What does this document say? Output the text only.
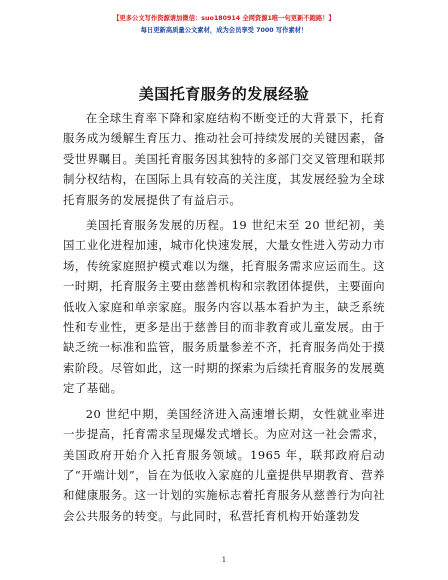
【更多公文写作资源请加微信：suo180914 全网资源1唯一句更新不跑路！】
每日更新高质量公文素材，成为会员享受 7000 写作素材！
美国托育服务的发展经验

在全球生育率下降和家庭结构不断变迁的大背景下，托育服务成为缓解生育压力、推动社会可持续发展的关键因素，备受世界瞩目。美国托育服务因其独特的多部门交叉管理和联邦制分权结构，在国际上具有较高的关注度，其发展经验为全球托育服务的发展提供了有益启示。

美国托育服务发展的历程。19 世纪末至 20 世纪初，美国工业化进程加速，城市化快速发展，大量女性进入劳动力市场，传统家庭照护模式难以为继，托育服务需求应运而生。这一时期，托育服务主要由慈善机构和宗教团体提供，主要面向低收入家庭和单亲家庭。服务内容以基本看护为主，缺乏系统性和专业性，更多是出于慈善目的而非教育或儿童发展。由于缺乏统一标准和监管，服务质量参差不齐，托育服务尚处于摸索阶段。尽管如此，这一时期的探索为后续托育服务的发展奠定了基础。

20 世纪中期，美国经济进入高速增长期，女性就业率进一步提高，托育需求呈现爆发式增长。为应对这一社会需求，美国政府开始介入托育服务领域。1965 年，联邦政府启动了“开端计划”，旨在为低收入家庭的儿童提供早期教育、营养和健康服务。这一计划的实施标志着托育服务从慈善行为向社会公共服务的转变。与此同时，私营托育机构开始蓬勃发

1
